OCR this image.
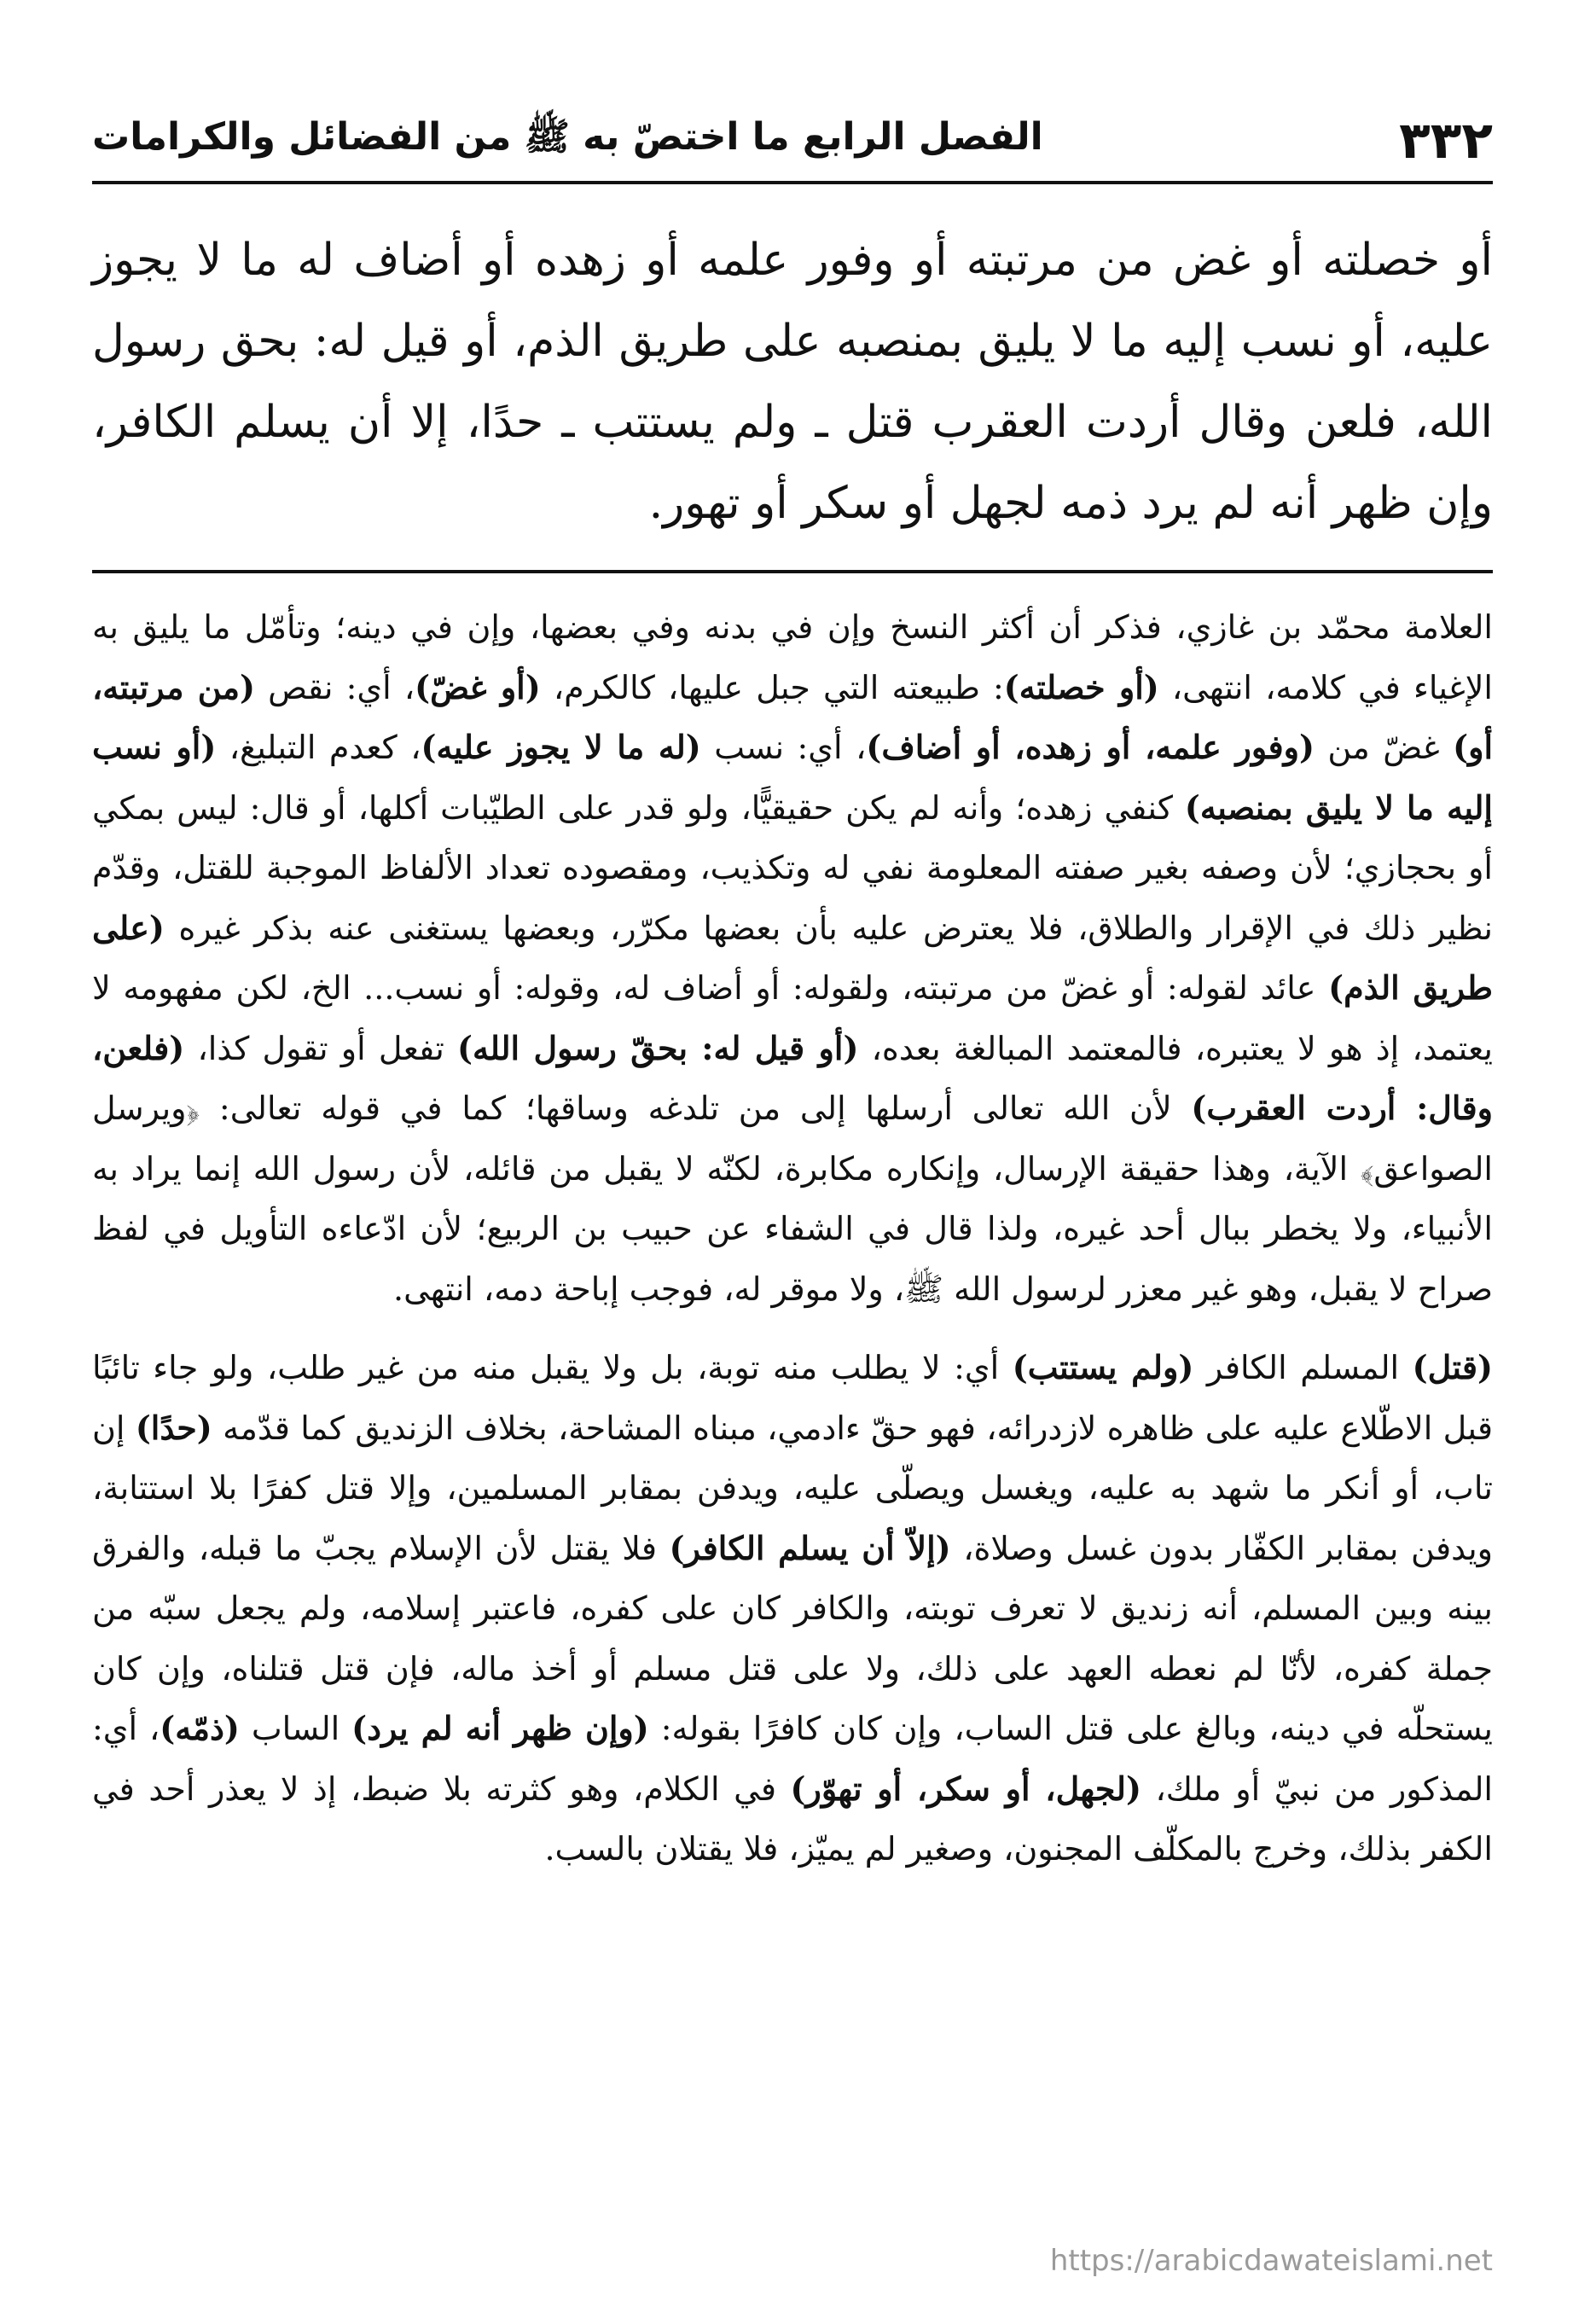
٣٣٢
الفصل الرابع ما اختصّ به ﷺ من الفضائل والكرامات

أو خصلته أو غض من مرتبته أو وفور علمه أو زهده أو أضاف له ما لا يجوز عليه، أو نسب إليه ما لا يليق بمنصبه على طريق الذم، أو قيل له: بحق رسول الله، فلعن وقال أردت العقرب قتل ـ ولم يستتب ـ حدًا، إلا أن يسلم الكافر، وإن ظهر أنه لم يرد ذمه لجهل أو سكر أو تهور.

العلامة محمّد بن غازي، فذكر أن أكثر النسخ وإن في بدنه وفي بعضها، وإن في دينه؛ وتأمّل ما يليق به الإغياء في كلامه، انتهى، (أو خصلته): طبيعته التي جبل عليها، كالكرم، (أو غضّ)، أي: نقص (من مرتبته، أو) غضّ من (وفور علمه، أو زهده، أو أضاف)، أي: نسب (له ما لا يجوز عليه)، كعدم التبليغ، (أو نسب إليه ما لا يليق بمنصبه) كنفي زهده؛ وأنه لم يكن حقيقيًّا، ولو قدر على الطيّبات أكلها، أو قال: ليس بمكي أو بحجازي؛ لأن وصفه بغير صفته المعلومة نفي له وتكذيب، ومقصوده تعداد الألفاظ الموجبة للقتل، وقدّم نظير ذلك في الإقرار والطلاق، فلا يعترض عليه بأن بعضها مكرّر، وبعضها يستغنى عنه بذكر غيره (على طريق الذم) عائد لقوله: أو غضّ من مرتبته، ولقوله: أو أضاف له، وقوله: أو نسب... الخ، لكن مفهومه لا يعتمد، إذ هو لا يعتبره، فالمعتمد المبالغة بعده، (أو قيل له: بحقّ رسول الله) تفعل أو تقول كذا، (فلعن، وقال: أردت العقرب) لأن الله تعالى أرسلها إلى من تلدغه وساقها؛ كما في قوله تعالى: ﴿ويرسل الصواعق﴾ الآية، وهذا حقيقة الإرسال، وإنكاره مكابرة، لكنّه لا يقبل من قائله، لأن رسول الله إنما يراد به الأنبياء، ولا يخطر ببال أحد غيره، ولذا قال في الشفاء عن حبيب بن الربيع؛ لأن ادّعاءه التأويل في لفظ صراح لا يقبل، وهو غير معزر لرسول الله ﷺ، ولا موقر له، فوجب إباحة دمه، انتهى.

(قتل) المسلم الكافر (ولم يستتب) أي: لا يطلب منه توبة، بل ولا يقبل منه من غير طلب، ولو جاء تائبًا قبل الاطّلاع عليه على ظاهره لازدرائه، فهو حقّ ءادمي، مبناه المشاحة، بخلاف الزنديق كما قدّمه (حدًا) إن تاب، أو أنكر ما شهد به عليه، ويغسل ويصلّى عليه، ويدفن بمقابر المسلمين، وإلا قتل كفرًا بلا استتابة، ويدفن بمقابر الكفّار بدون غسل وصلاة، (إلاّ أن يسلم الكافر) فلا يقتل لأن الإسلام يجبّ ما قبله، والفرق بينه وبين المسلم، أنه زنديق لا تعرف توبته، والكافر كان على كفره، فاعتبر إسلامه، ولم يجعل سبّه من جملة كفره، لأنّا لم نعطه العهد على ذلك، ولا على قتل مسلم أو أخذ ماله، فإن قتل قتلناه، وإن كان يستحلّه في دينه، وبالغ على قتل الساب، وإن كان كافرًا بقوله: (وإن ظهر أنه لم يرد) الساب (ذمّه)، أي: المذكور من نبيّ أو ملك، (لجهل، أو سكر، أو تهوّر) في الكلام، وهو كثرته بلا ضبط، إذ لا يعذر أحد في الكفر بذلك، وخرج بالمكلّف المجنون، وصغير لم يميّز، فلا يقتلان بالسب.

https://arabicdawateislami.net
